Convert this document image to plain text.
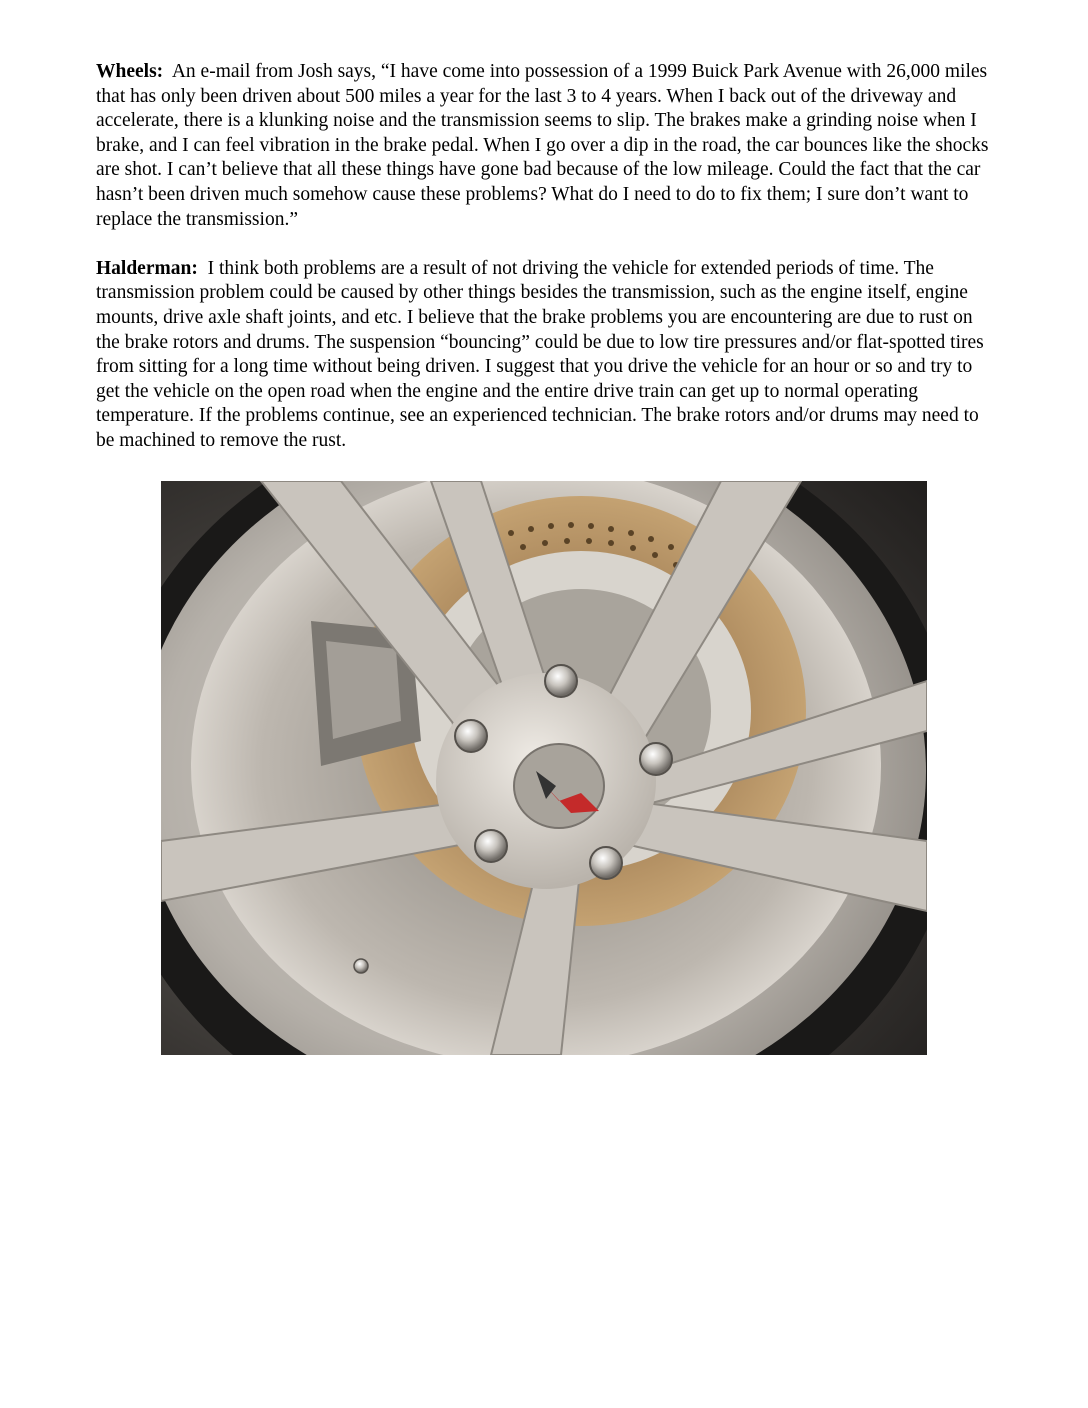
Wheels: An e-mail from Josh says, “I have come into possession of a 1999 Buick Park Avenue with 26,000 miles that has only been driven about 500 miles a year for the last 3 to 4 years. When I back out of the driveway and accelerate, there is a klunking noise and the transmission seems to slip. The brakes make a grinding noise when I brake, and I can feel vibration in the brake pedal. When I go over a dip in the road, the car bounces like the shocks are shot. I can’t believe that all these things have gone bad because of the low mileage. Could the fact that the car hasn’t been driven much somehow cause these problems? What do I need to do to fix them; I sure don’t want to replace the transmission.”

Halderman: I think both problems are a result of not driving the vehicle for extended periods of time. The transmission problem could be caused by other things besides the transmission, such as the engine itself, engine mounts, drive axle shaft joints, and etc. I believe that the brake problems you are encountering are due to rust on the brake rotors and drums. The suspension “bouncing” could be due to low tire pressures and/or flat-spotted tires from sitting for a long time without being driven. I suggest that you drive the vehicle for an hour or so and try to get the vehicle on the open road when the engine and the entire drive train can get up to normal operating temperature. If the problems continue, see an experienced technician. The brake rotors and/or drums may need to be machined to remove the rust.
